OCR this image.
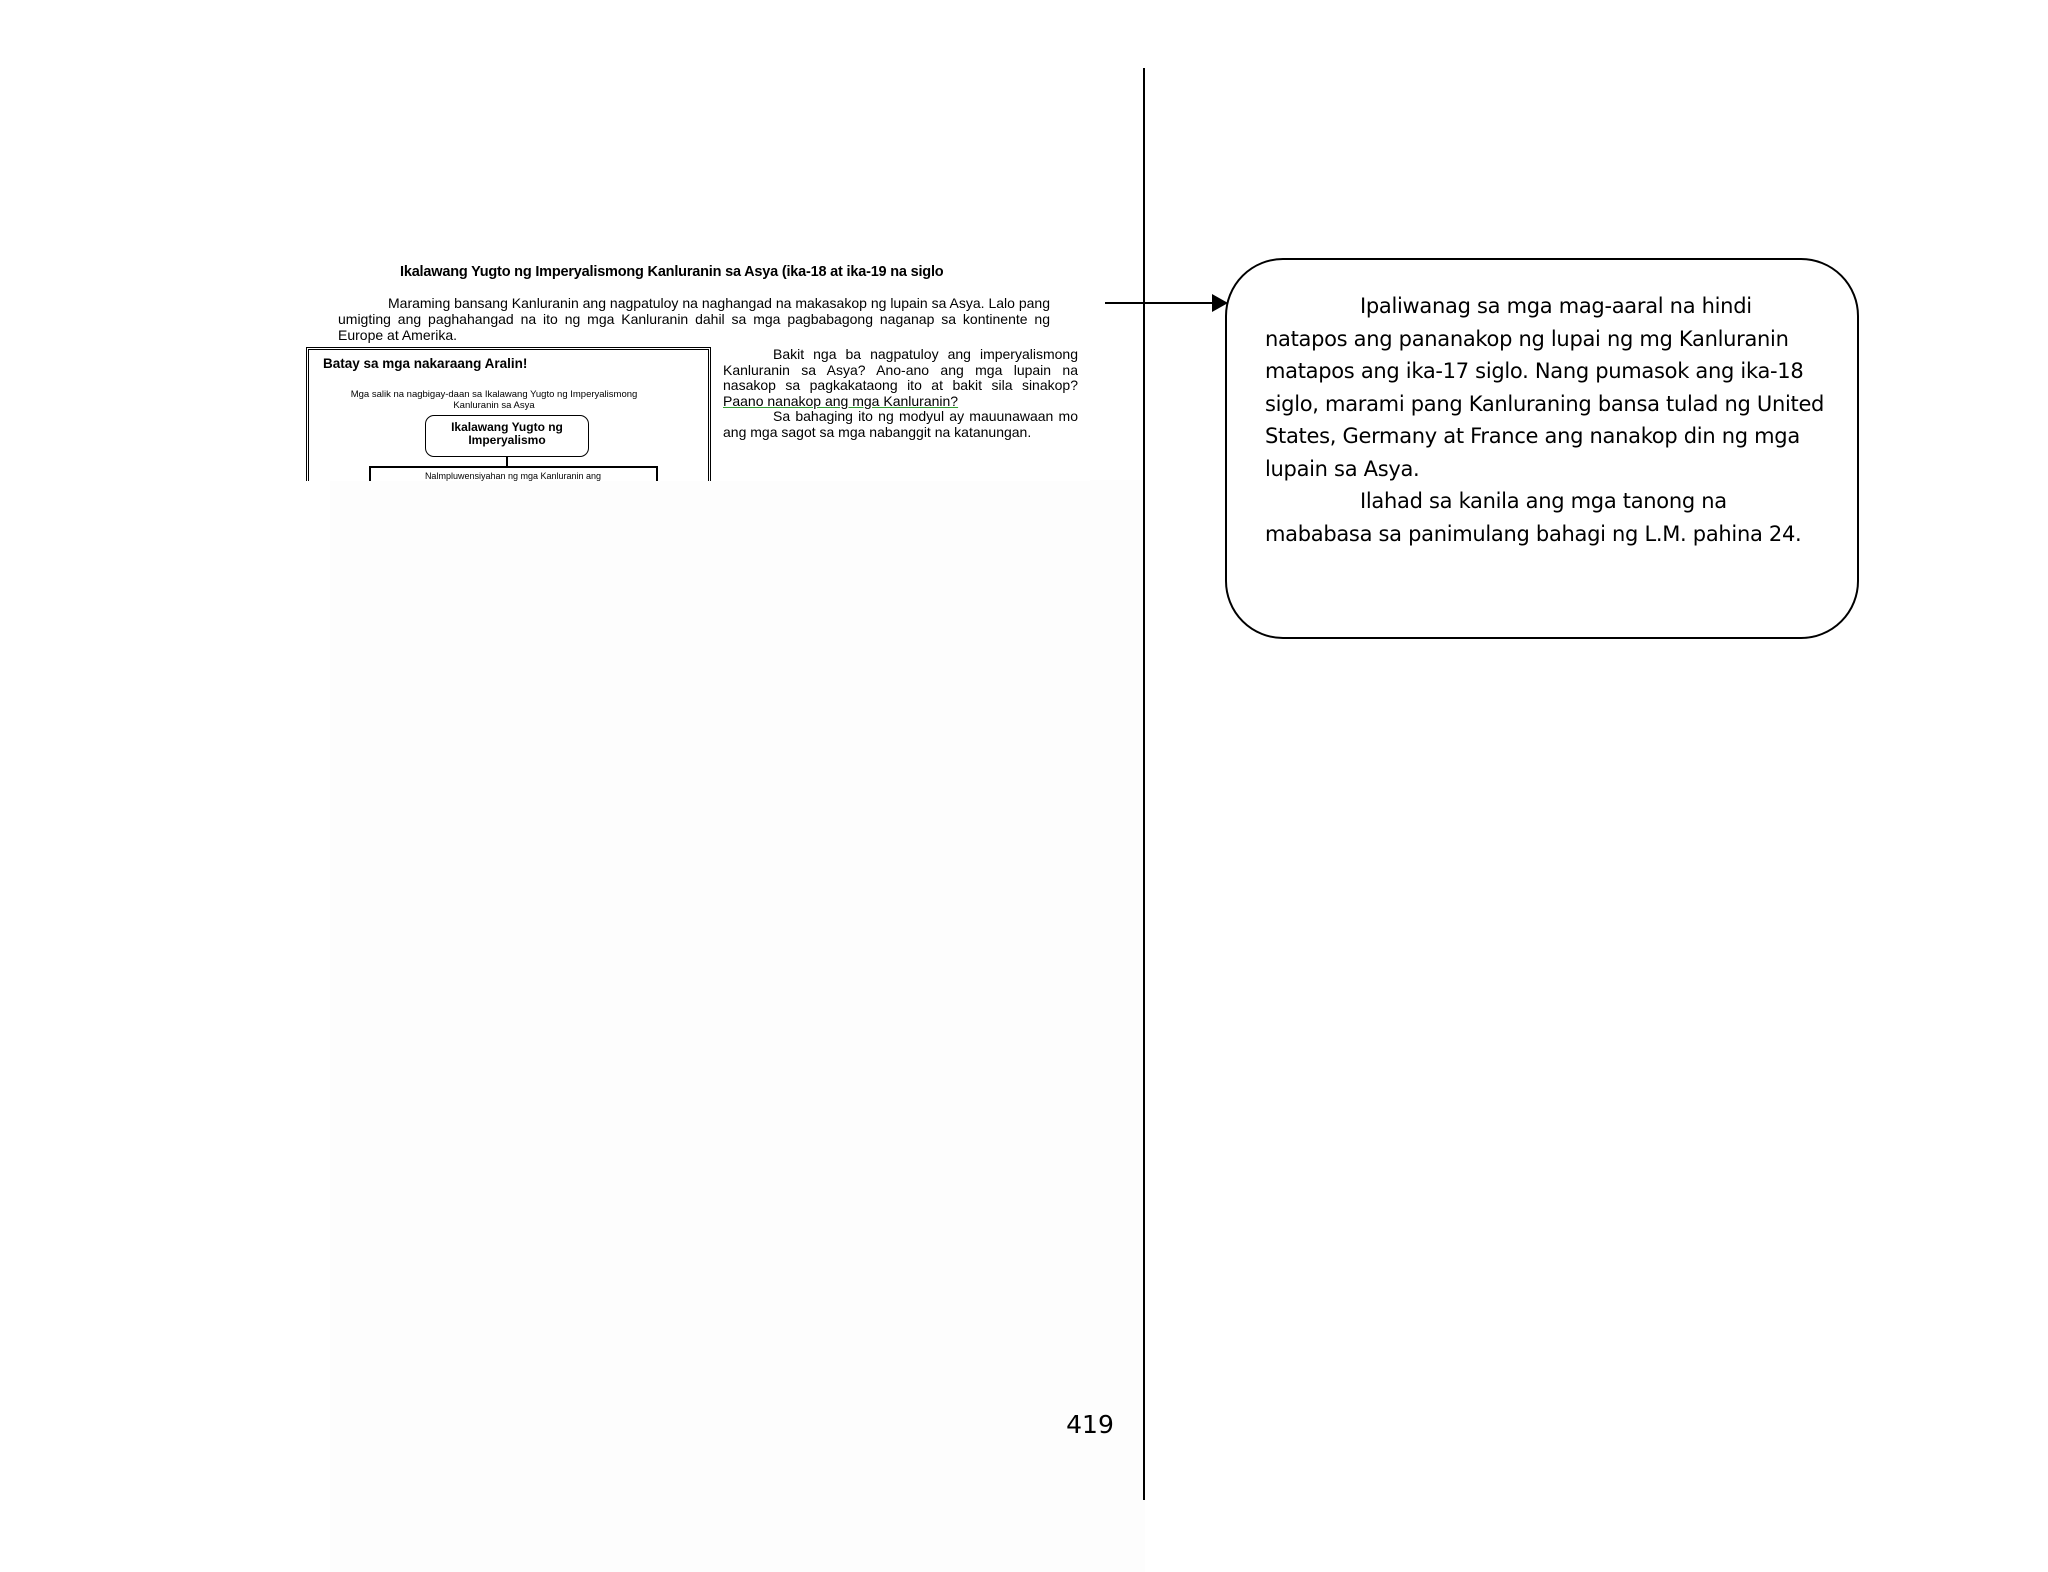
Ikalawang Yugto ng Imperyalismong Kanluranin sa Asya (ika-18 at ika-19 na siglo
Maraming bansang Kanluranin ang nagpatuloy na naghangad na makasakop ng lupain sa Asya. Lalo pang umigting ang paghahangad na ito ng mga Kanluranin dahil sa mga pagbabagong naganap sa kontinente ng Europe at Amerika.
Batay sa mga nakaraang Aralin!
Mga salik na nagbigay-daan sa Ikalawang Yugto ng Imperyalismong Kanluranin sa Asya
Ikalawang Yugto ng Imperyalismo
Nalmpluwensiyahan ng mga Kanluranin ang
Bakit nga ba nagpatuloy ang imperyalismong Kanluranin sa Asya? Ano-ano ang mga lupain na nasakop sa pagkakataong ito at bakit sila sinakop? Paano nanakop ang mga Kanluranin?
Sa bahaging ito ng modyul ay mauunawaan mo ang mga sagot sa mga nabanggit na katanungan.
419

Ipaliwanag sa mga mag-aaral na hindi natapos ang pananakop ng lupai ng mg Kanluranin matapos ang ika-17 siglo. Nang pumasok ang ika-18 siglo, marami pang Kanluraning bansa tulad ng United States, Germany at France ang nanakop din ng mga lupain sa Asya.

Ilahad sa kanila ang mga tanong na mababasa sa panimulang bahagi ng L.M. pahina 24.
